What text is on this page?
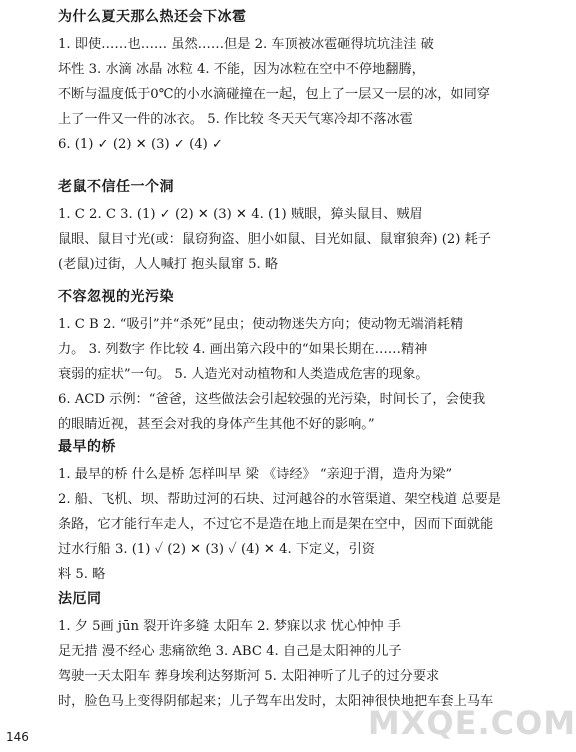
为什么夏天那么热还会下冰雹
1. 即使……也…… 虽然……但是 2. 车顶被冰雹砸得坑坑洼洼 破
坏性 3. 水滴 冰晶 冰粒 4. 不能，因为冰粒在空中不停地翻腾，
不断与温度低于0℃的小水滴碰撞在一起，包上了一层又一层的冰，如同穿
上了一件又一件的冰衣。 5. 作比较 冬天天气寒冷却不落冰雹
6. (1) ✓ (2) ✕ (3) ✓ (4) ✓
老鼠不信任一个洞
1. C 2. C 3. (1) ✓ (2) ✕ (3) ✕ 4. (1) 贼眼，獐头鼠目、贼眉
鼠眼、鼠目寸光(或：鼠窃狗盗、胆小如鼠、目光如鼠、鼠窜狼奔) (2) 耗子
(老鼠)过街，人人喊打 抱头鼠窜 5. 略
不容忽视的光污染
1. C B 2. “吸引”并“杀死”昆虫；使动物迷失方向；使动物无端消耗精
力。 3. 列数字 作比较 4. 画出第六段中的“如果长期在……精神
衰弱的症状”一句。 5. 人造光对动植物和人类造成危害的现象。
6. ACD 示例：“爸爸，这些做法会引起较强的光污染，时间长了，会使我
的眼睛近视，甚至会对我的身体产生其他不好的影响。”
最早的桥
1. 最早的桥 什么是桥 怎样叫早 梁 《诗经》 “亲迎于渭，造舟为梁”
2. 船、飞机、坝、帮助过河的石块、过河越谷的水管渠道、架空栈道 总要是
条路，它才能行车走人，不过它不是造在地上而是架在空中，因而下面就能
过水行船 3. (1) ✓ (2) ✕ (3) ✓ (4) ✕ 4. 下定义，引资
料 5. 略
法厄同
1. 夕 5画 jūn 裂开许多缝 太阳车 2. 梦寐以求 忧心忡忡 手
足无措 漫不经心 悲痛欲绝 3. ABC 4. 自己是太阳神的儿子
驾驶一天太阳车 葬身埃利达努斯河 5. 太阳神听了儿子的过分要求
时，脸色马上变得阴郁起来；儿子驾车出发时，太阳神很快地把车套上马车
146	MXQE.COM
